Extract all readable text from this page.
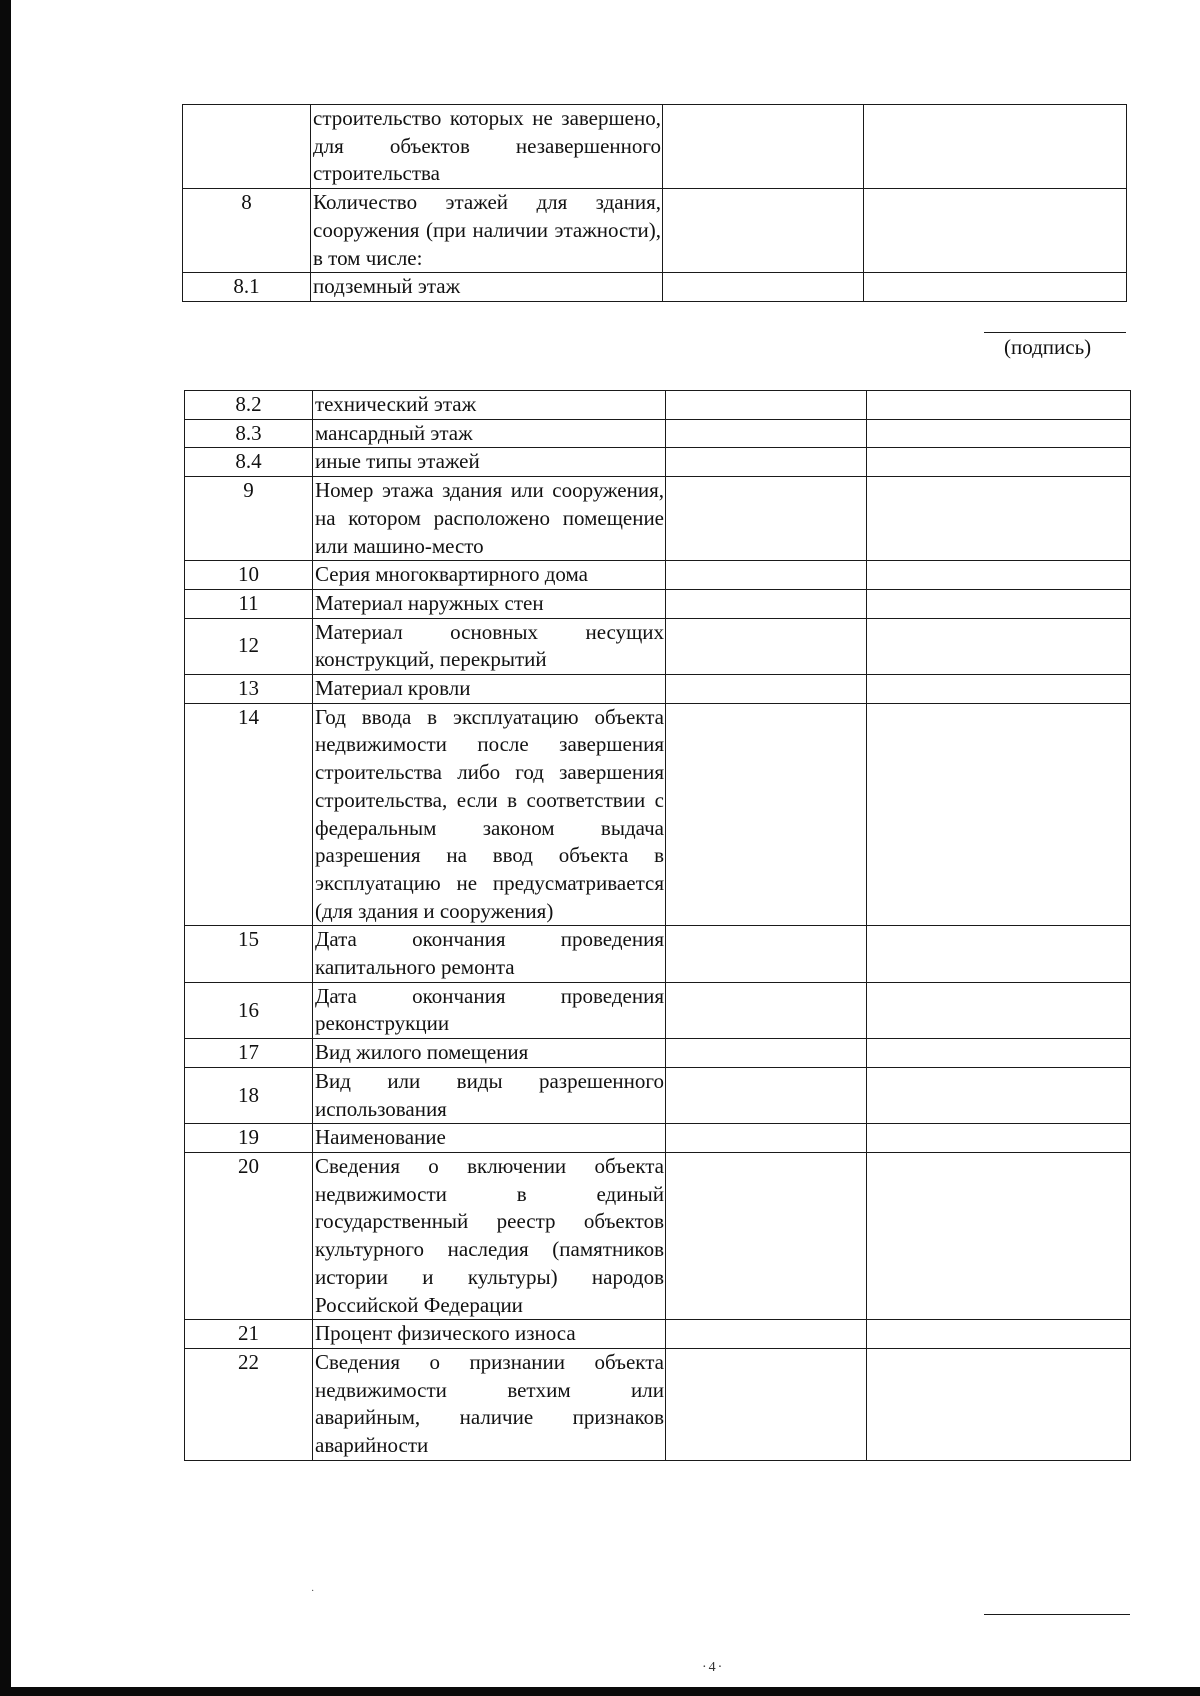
	строительство которых не завершено, для объектов незавершенного строительства		
8	Количество этажей для здания, сооружения (при наличии этажности), в том числе:		
8.1	подземный этаж		
(подпись)
8.2	технический этаж		
8.3	мансардный этаж		
8.4	иные типы этажей		
9	Номер этажа здания или сооружения, на котором расположено помещение или машино-место		
10	Серия многоквартирного дома		
11	Материал наружных стен		
12	Материал основных несущих конструкций, перекрытий		
13	Материал кровли		
14	Год ввода в эксплуатацию объекта недвижимости после завершения строительства либо год завершения строительства, если в соответствии с федеральным законом выдача разрешения на ввод объекта в эксплуатацию не предусматривается (для здания и сооружения)		
15	Дата окончания проведения капитального ремонта		
16	Дата окончания проведения реконструкции		
17	Вид жилого помещения		
18	Вид или виды разрешенного использования		
19	Наименование		
20	Сведения о включении объекта недвижимости в единый государственный реестр объектов культурного наследия (памятников истории и культуры) народов Российской Федерации		
21	Процент физического износа		
22	Сведения о признании объекта недвижимости ветхим или аварийным, наличие признаков аварийности		
·
·4·
